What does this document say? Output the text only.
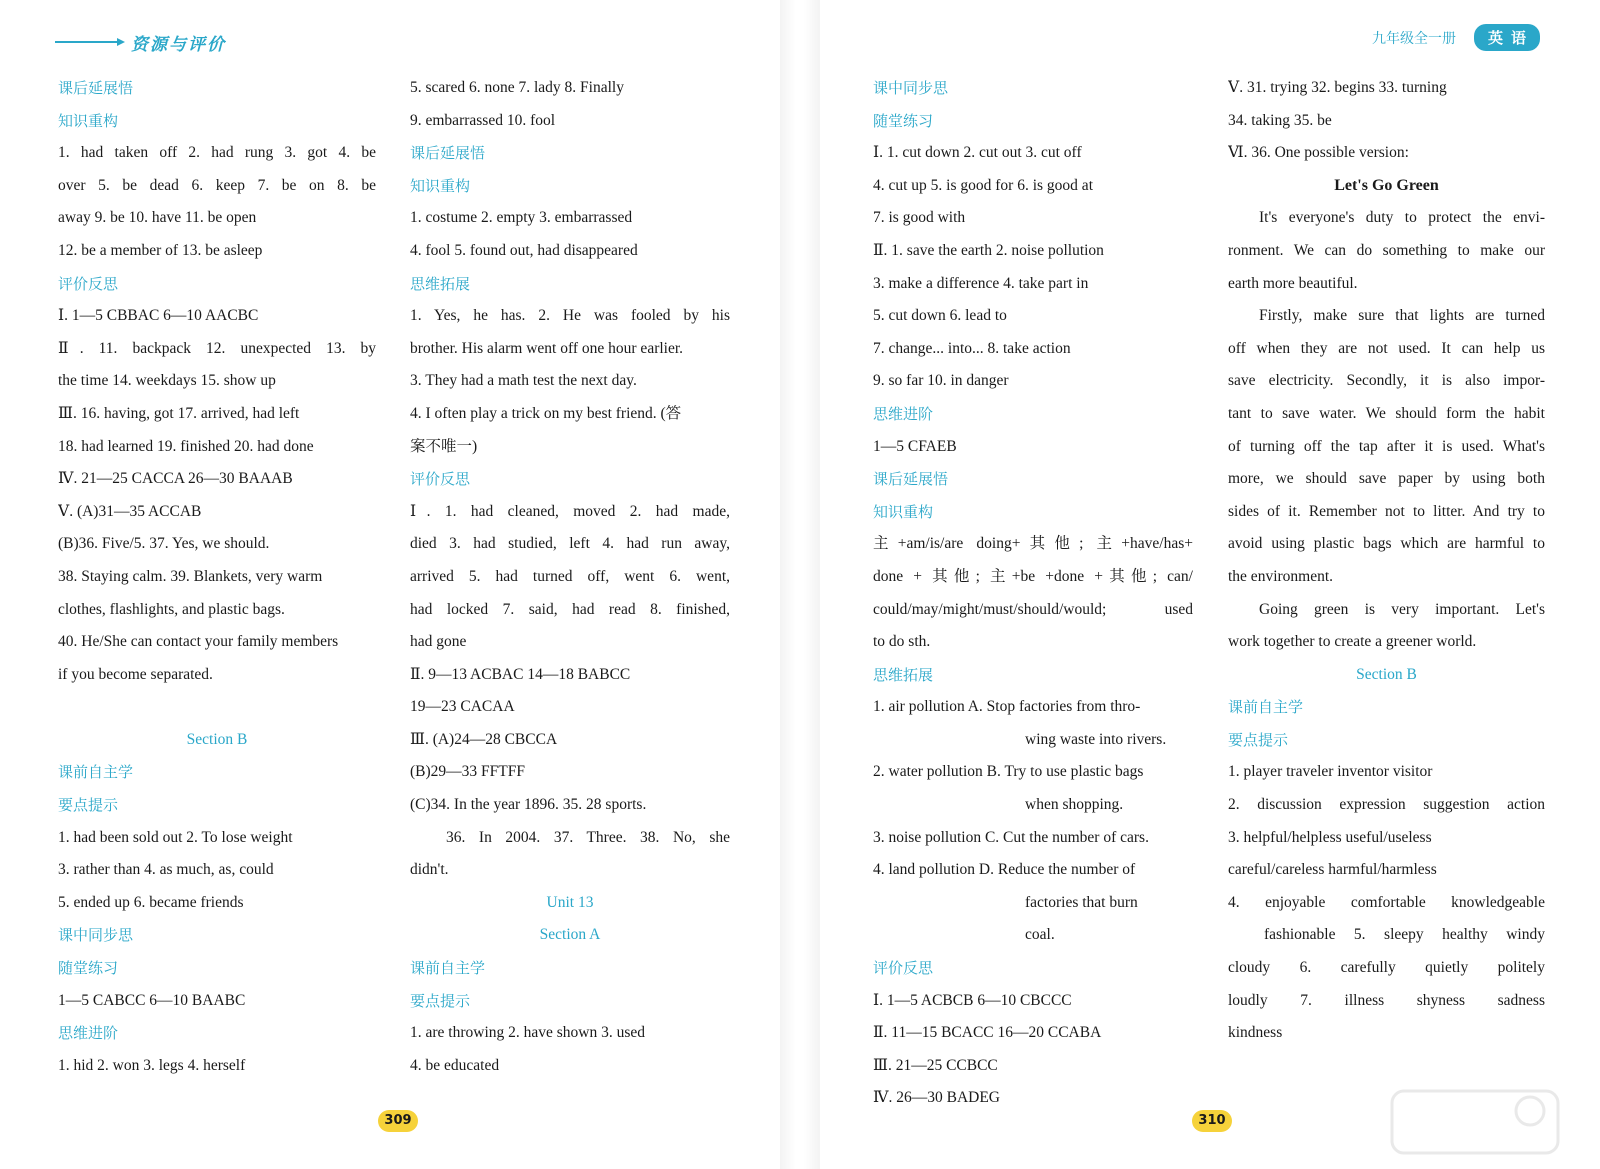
资源与评价
课后延展悟
知识重构
1. had taken off 2. had rung 3. got 4. be
over 5. be dead 6. keep 7. be on 8. be
away 9. be 10. have 11. be open
12. be a member of 13. be asleep
评价反思
Ⅰ. 1—5 CBBAC 6—10 AACBC
Ⅱ. 11. backpack 12. unexpected 13. by
the time 14. weekdays 15. show up
Ⅲ. 16. having, got 17. arrived, had left
18. had learned 19. finished 20. had done
Ⅳ. 21—25 CACCA 26—30 BAAAB
Ⅴ. (A)31—35 ACCAB
(B)36. Five/5. 37. Yes, we should.
38. Staying calm. 39. Blankets, very warm
clothes, flashlights, and plastic bags.
40. He/She can contact your family members
if you become separated.
Section B
课前自主学
要点提示
1. had been sold out 2. To lose weight
3. rather than 4. as much, as, could
5. ended up 6. became friends
课中同步思
随堂练习
1—5 CABCC 6—10 BAABC
思维进阶
1. hid 2. won 3. legs 4. herself
5. scared 6. none 7. lady 8. Finally
9. embarrassed 10. fool
课后延展悟
知识重构
1. costume 2. empty 3. embarrassed
4. fool 5. found out, had disappeared
思维拓展
1. Yes, he has. 2. He was fooled by his
brother. His alarm went off one hour earlier.
3. They had a math test the next day.
4. I often play a trick on my best friend. (答
案不唯一)
评价反思
Ⅰ. 1. had cleaned, moved 2. had made,
died 3. had studied, left 4. had run away,
arrived 5. had turned off, went 6. went,
had locked 7. said, had read 8. finished,
had gone
Ⅱ. 9—13 ACBAC 14—18 BABCC
19—23 CACAA
Ⅲ. (A)24—28 CBCCA
(B)29—33 FFTFF
(C)34. In the year 1896. 35. 28 sports.
36. In 2004. 37. Three. 38. No, she
didn't.
Unit 13
Section A
课前自主学
要点提示
1. are throwing 2. have shown 3. used
4. be educated
309
九年级全一册	英语
课中同步思
随堂练习
Ⅰ. 1. cut down 2. cut out 3. cut off
4. cut up 5. is good for 6. is good at
7. is good with
Ⅱ. 1. save the earth 2. noise pollution
3. make a difference 4. take part in
5. cut down 6. lead to
7. change... into... 8. take action
9. so far 10. in danger
思维进阶
1—5 CFAEB
课后延展悟
知识重构
主+am/is/are doing+其他; 主+have/has+
done + 其他; 主+be +done +其他; can/
could/may/might/must/should/would; used
to do sth.
思维拓展
1. air pollution A. Stop factories from thro-
wing waste into rivers.
2. water pollution B. Try to use plastic bags
when shopping.
3. noise pollution C. Cut the number of cars.
4. land pollution D. Reduce the number of
factories that burn
coal.
评价反思
Ⅰ. 1—5 ACBCB 6—10 CBCCC
Ⅱ. 11—15 BCACC 16—20 CCABA
Ⅲ. 21—25 CCBCC
Ⅳ. 26—30 BADEG
Ⅴ. 31. trying 32. begins 33. turning
34. taking 35. be
Ⅵ. 36. One possible version:
Let's Go Green
It's everyone's duty to protect the envi-
ronment. We can do something to make our
earth more beautiful.
Firstly, make sure that lights are turned
off when they are not used. It can help us
save electricity. Secondly, it is also impor-
tant to save water. We should form the habit
of turning off the tap after it is used. What's
more, we should save paper by using both
sides of it. Remember not to litter. And try to
avoid using plastic bags which are harmful to
the environment.
Going green is very important. Let's
work together to create a greener world.
Section B
课前自主学
要点提示
1. player traveler inventor visitor
2. discussion expression suggestion action
3. helpful/helpless useful/useless
careful/careless harmful/harmless
4. enjoyable comfortable knowledgeable
fashionable 5. sleepy healthy windy
cloudy 6. carefully quietly politely
loudly 7. illness shyness sadness
kindness
310
